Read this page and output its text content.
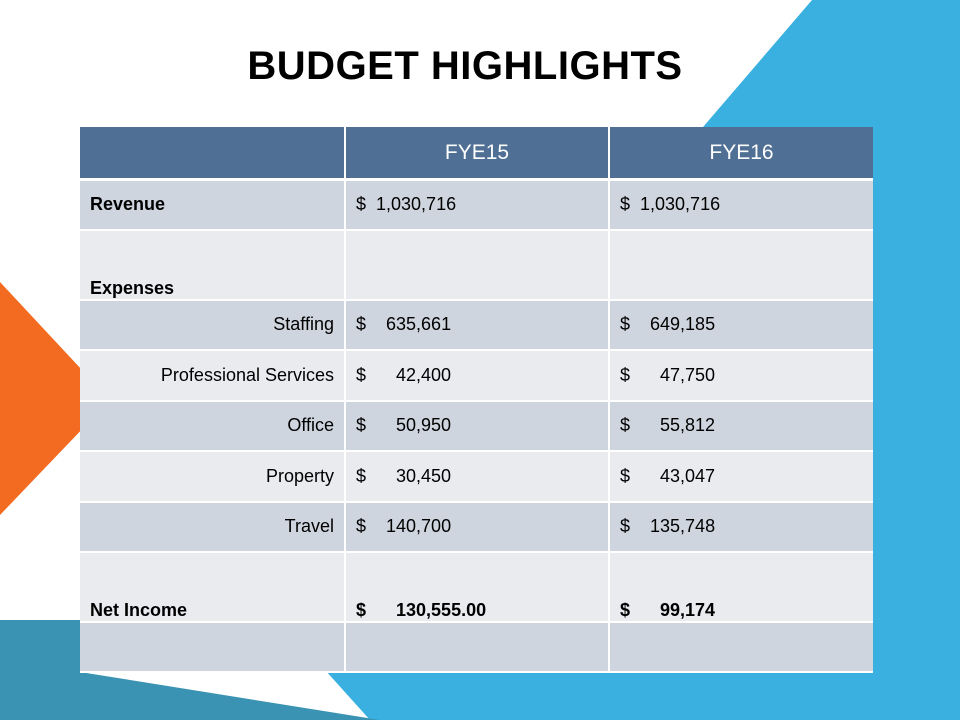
BUDGET HIGHLIGHTS
	FYE15	FYE16
Revenue	$  1,030,716	$  1,030,716
Expenses		
Staffing	$    635,661	$    649,185
Professional Services	$      42,400	$      47,750
Office	$      50,950	$      55,812
Property	$      30,450	$      43,047
Travel	$    140,700	$    135,748
Net Income	$      130,555.00	$      99,174
